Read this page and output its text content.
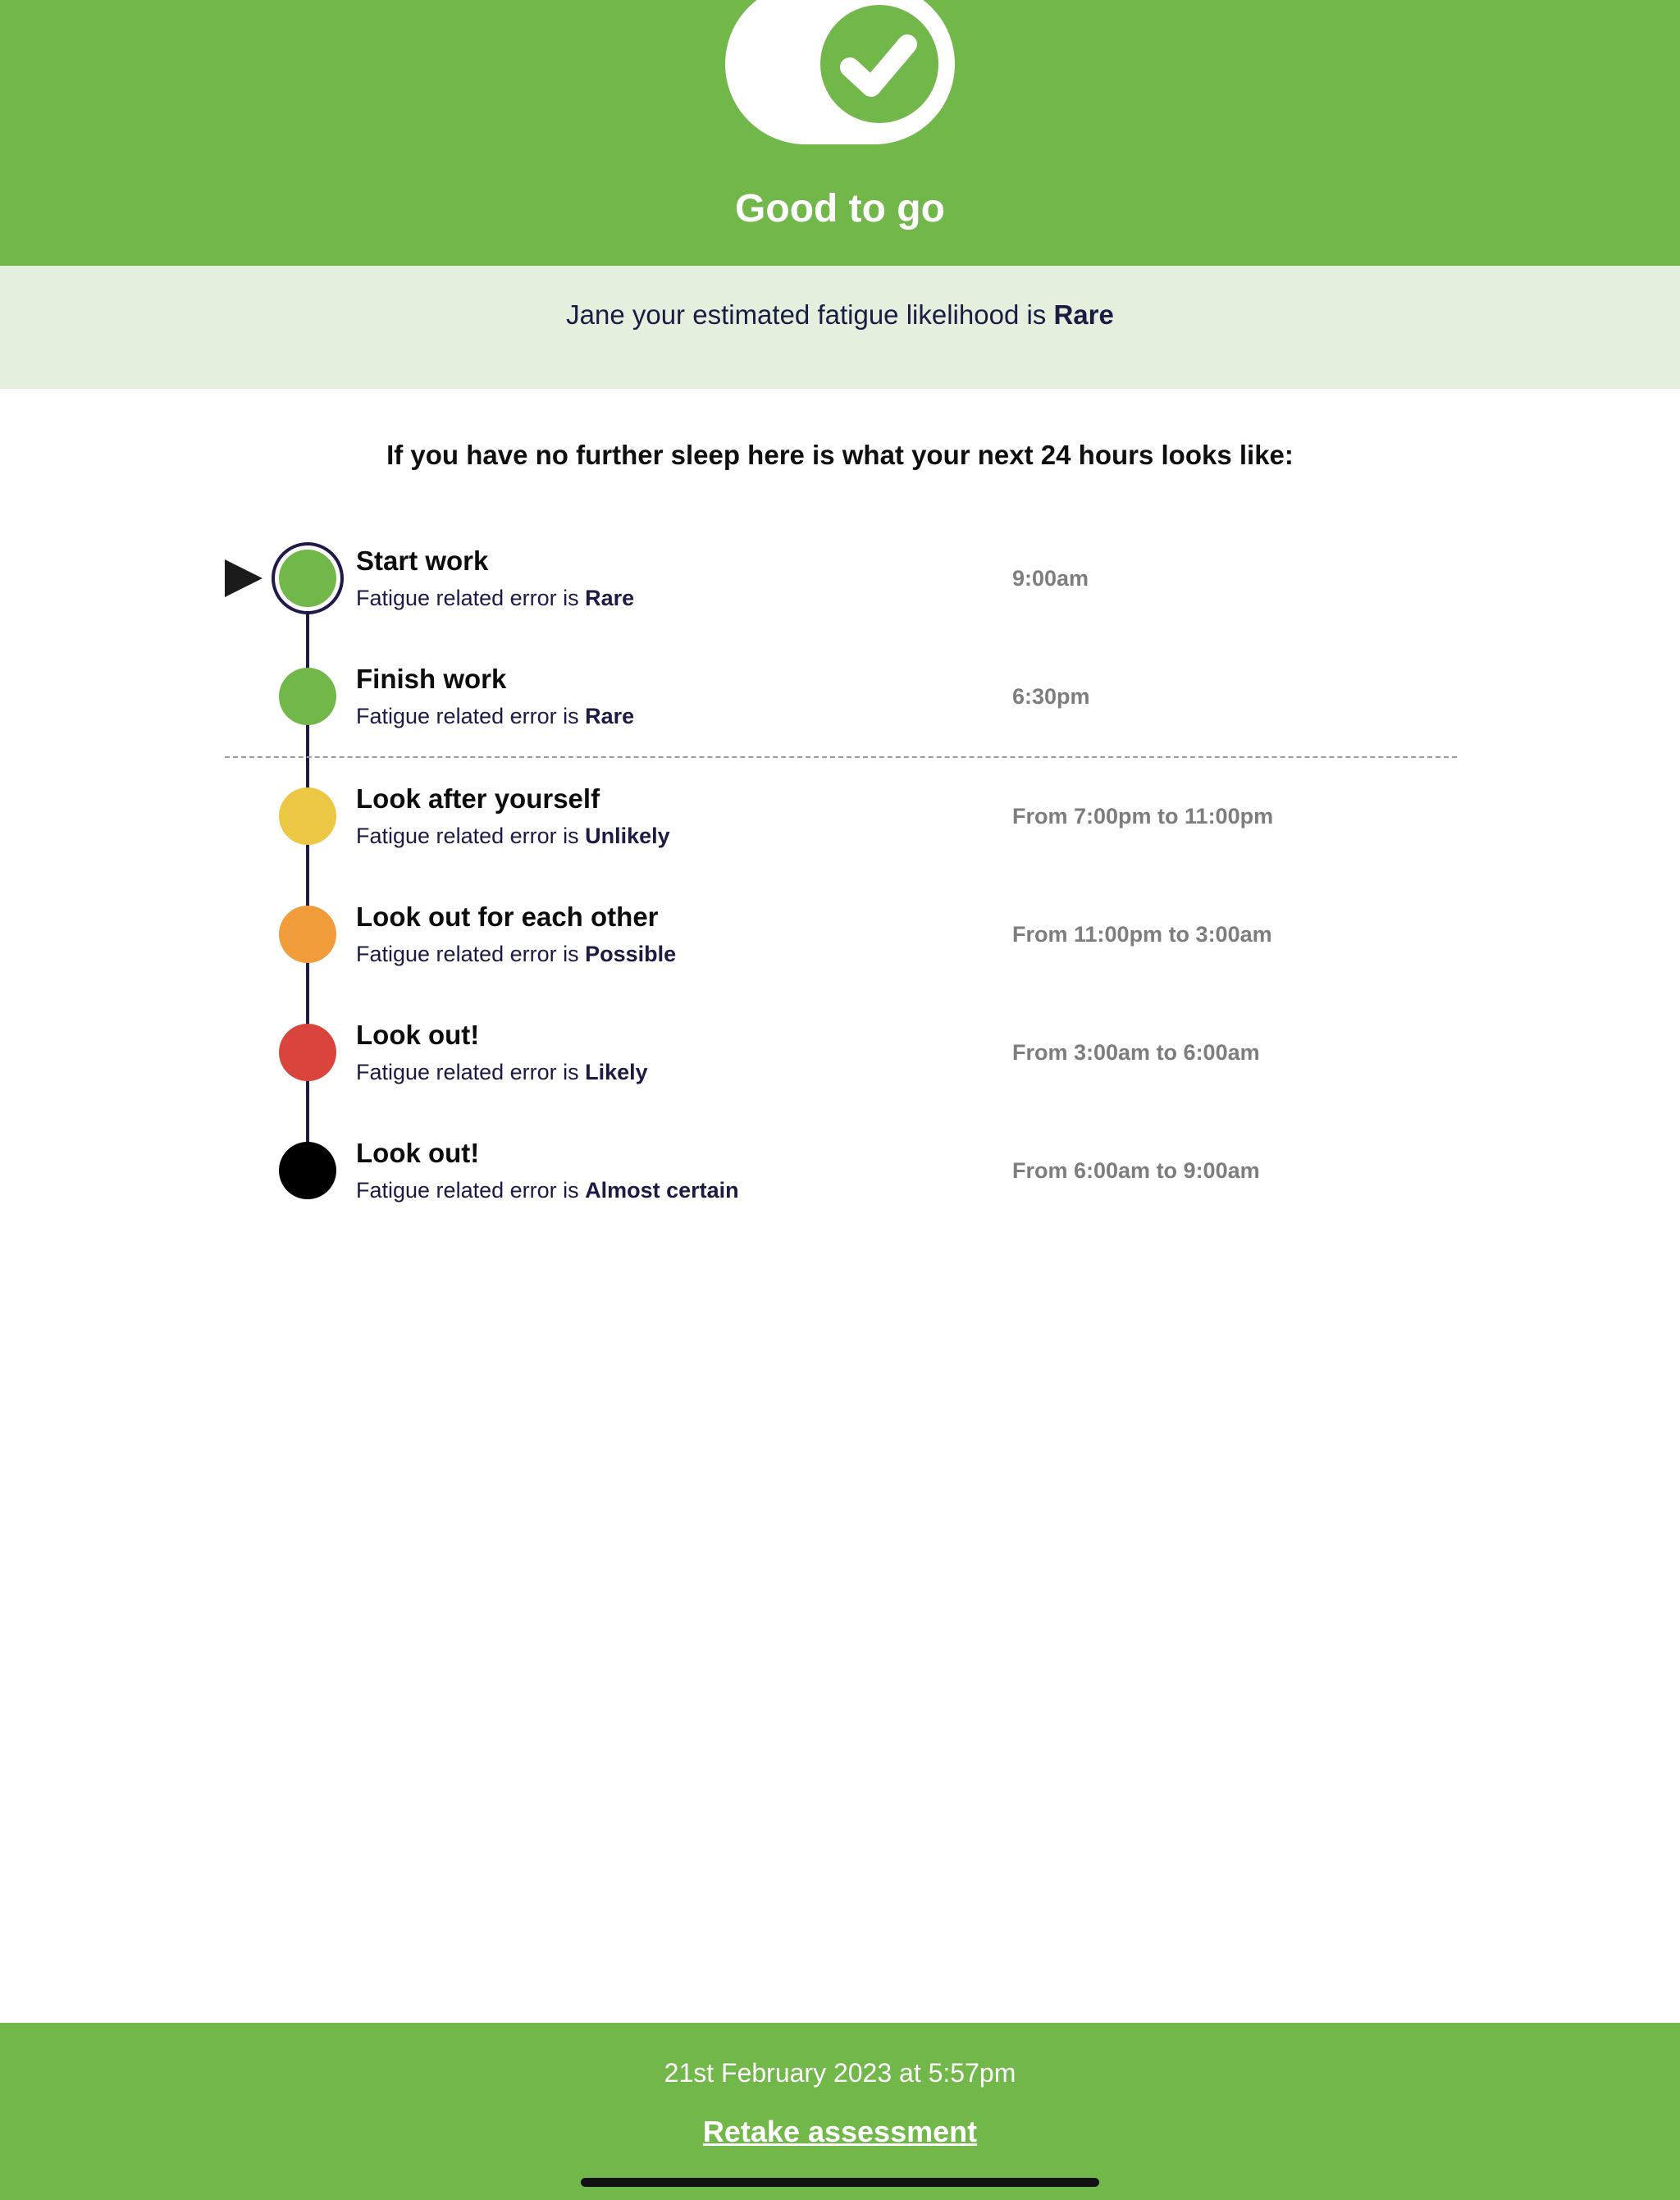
Good to go
Jane your estimated fatigue likelihood is Rare
If you have no further sleep here is what your next 24 hours looks like:
Start work
Fatigue related error is Rare
9:00am
Finish work
Fatigue related error is Rare
6:30pm
Look after yourself
Fatigue related error is Unlikely
From 7:00pm to 11:00pm
Look out for each other
Fatigue related error is Possible
From 11:00pm to 3:00am
Look out!
Fatigue related error is Likely
From 3:00am to 6:00am
Look out!
Fatigue related error is Almost certain
From 6:00am to 9:00am
21st February 2023 at 5:57pm
Retake assessment
